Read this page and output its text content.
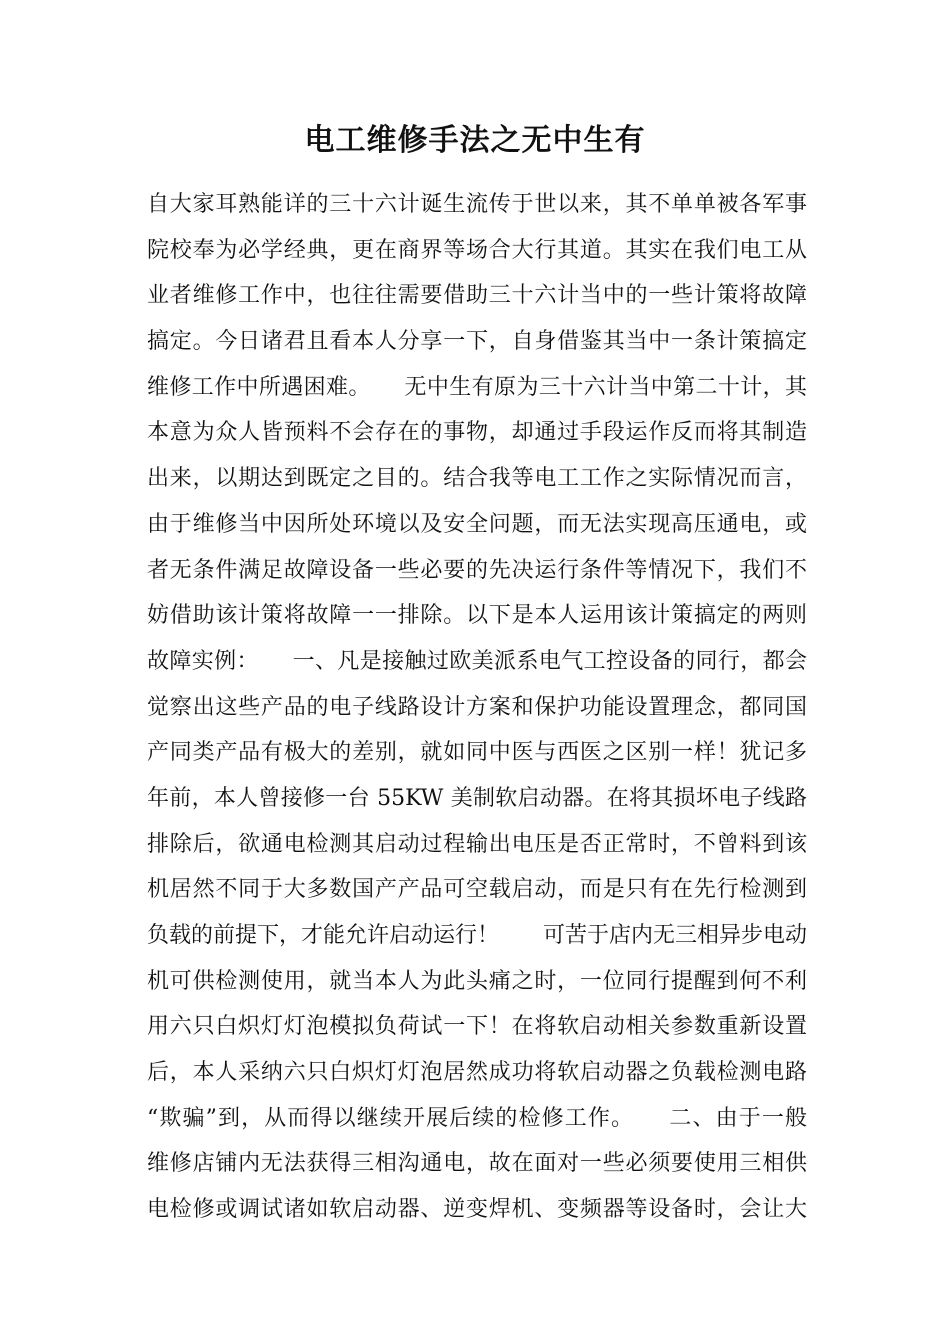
电工维修手法之无中生有
自大家耳熟能详的三十六计诞生流传于世以来，其不单单被各军事
院校奉为必学经典，更在商界等场合大行其道。其实在我们电工从
业者维修工作中，也往往需要借助三十六计当中的一些计策将故障
搞定。今日诸君且看本人分享一下，自身借鉴其当中一条计策搞定
维修工作中所遇困难。　　无中生有原为三十六计当中第二十计，其
本意为众人皆预料不会存在的事物，却通过手段运作反而将其制造
出来，以期达到既定之目的。结合我等电工工作之实际情况而言，
由于维修当中因所处环境以及安全问题，而无法实现高压通电，或
者无条件满足故障设备一些必要的先决运行条件等情况下，我们不
妨借助该计策将故障一一排除。以下是本人运用该计策搞定的两则
故障实例：　　一、凡是接触过欧美派系电气工控设备的同行，都会
觉察出这些产品的电子线路设计方案和保护功能设置理念，都同国
产同类产品有极大的差别，就如同中医与西医之区别一样！犹记多
年前，本人曾接修一台 55KW 美制软启动器。在将其损坏电子线路
排除后，欲通电检测其启动过程输出电压是否正常时，不曾料到该
机居然不同于大多数国产产品可空载启动，而是只有在先行检测到
负载的前提下，才能允许启动运行！　　可苦于店内无三相异步电动
机可供检测使用，就当本人为此头痛之时，一位同行提醒到何不利
用六只白炽灯灯泡模拟负荷试一下！在将软启动相关参数重新设置
后，本人采纳六只白炽灯灯泡居然成功将软启动器之负载检测电路
“欺骗”到，从而得以继续开展后续的检修工作。　　二、由于一般
维修店铺内无法获得三相沟通电，故在面对一些必须要使用三相供
电检修或调试诸如软启动器、逆变焊机、变频器等设备时，会让大
